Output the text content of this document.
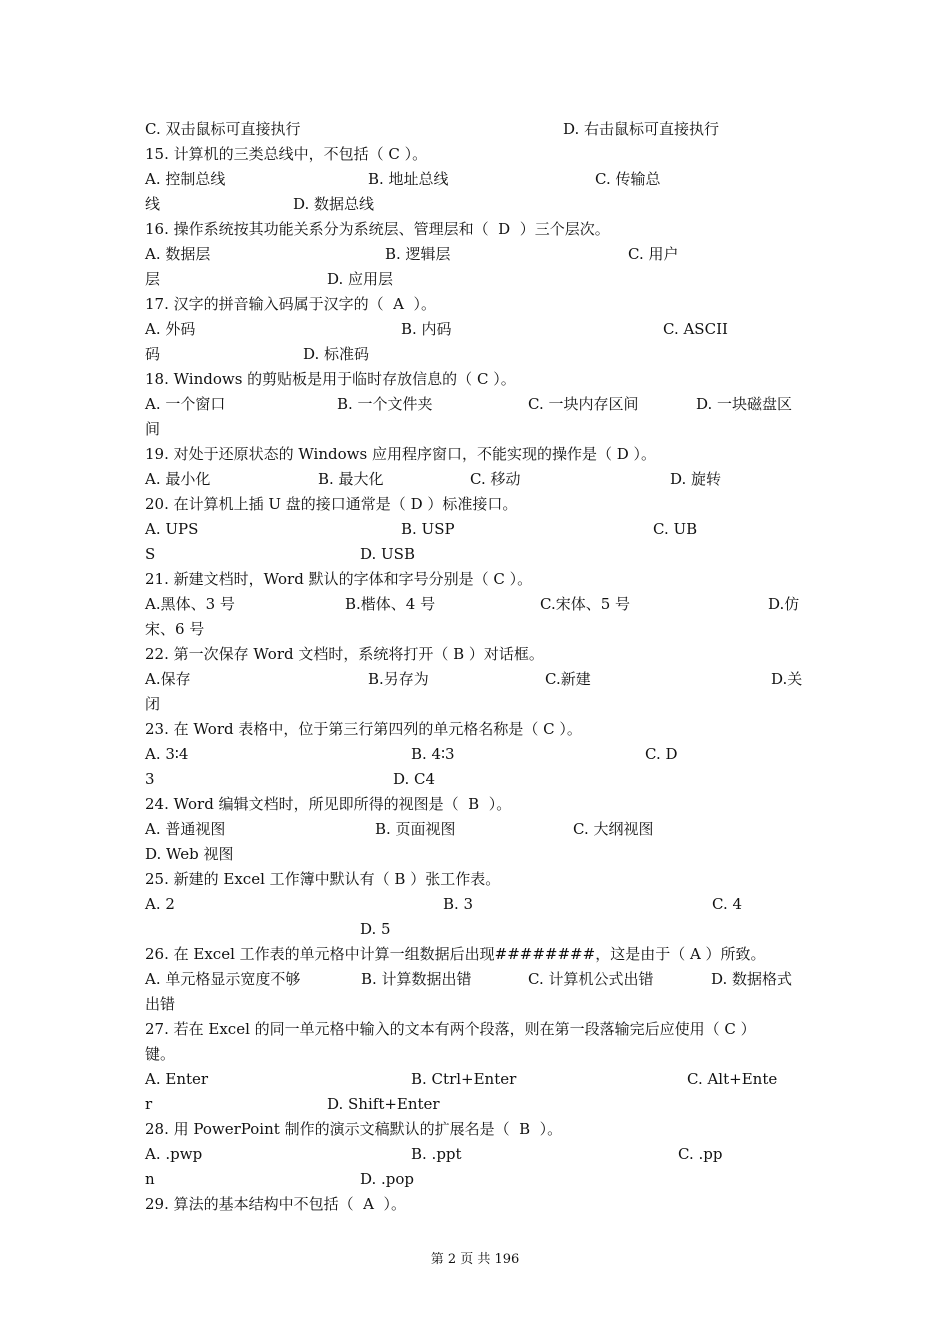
C. 双击鼠标可直接执行	D. 右击鼠标可直接执行
15. 计算机的三类总线中，不包括（ C ）。
A. 控制总线	B. 地址总线	C. 传输总
线	D. 数据总线
16. 操作系统按其功能关系分为系统层、管理层和（  D  ）三个层次。
A. 数据层	B. 逻辑层	C. 用户
层	D. 应用层
17. 汉字的拼音输入码属于汉字的（  A  ）。
A. 外码	B. 内码	C. ASCII
码	D. 标准码
18. Windows 的剪贴板是用于临时存放信息的（ C ）。
A. 一个窗口	B. 一个文件夹	C. 一块内存区间	D. 一块磁盘区
间
19. 对处于还原状态的 Windows 应用程序窗口，不能实现的操作是（ D ）。
A. 最小化	B. 最大化	C. 移动	D. 旋转
20. 在计算机上插 U 盘的接口通常是（ D ）标准接口。
A. UPS	B. USP	C. UB
S	D. USB
21. 新建文档时，Word 默认的字体和字号分别是（ C ）。
A.黑体、3 号	B.楷体、4 号	C.宋体、5 号	D.仿
宋、6 号
22. 第一次保存 Word 文档时，系统将打开（ B ）对话框。
A.保存	B.另存为	C.新建	D.关
闭
23. 在 Word 表格中，位于第三行第四列的单元格名称是（ C ）。
A. 3∶4	B. 4∶3	C. D
3	D. C4
24. Word 编辑文档时，所见即所得的视图是（  B  ）。
A. 普通视图	B. 页面视图	C. 大纲视图
D. Web 视图
25. 新建的 Excel 工作簿中默认有（ B ）张工作表。
A. 2	B. 3	C. 4
D. 5
26. 在 Excel 工作表的单元格中计算一组数据后出现########，这是由于（ A ）所致。
A. 单元格显示宽度不够	B. 计算数据出错	C. 计算机公式出错	D. 数据格式
出错
27. 若在 Excel 的同一单元格中输入的文本有两个段落，则在第一段落输完后应使用（ C ）
键。
A. Enter	B. Ctrl+Enter	C. Alt+Ente
r	D. Shift+Enter
28. 用 PowerPoint 制作的演示文稿默认的扩展名是（  B  ）。
A. .pwp	B. .ppt	C. .pp
n	D. .pop
29. 算法的基本结构中不包括（  A  ）。
第 2 页 共 196
